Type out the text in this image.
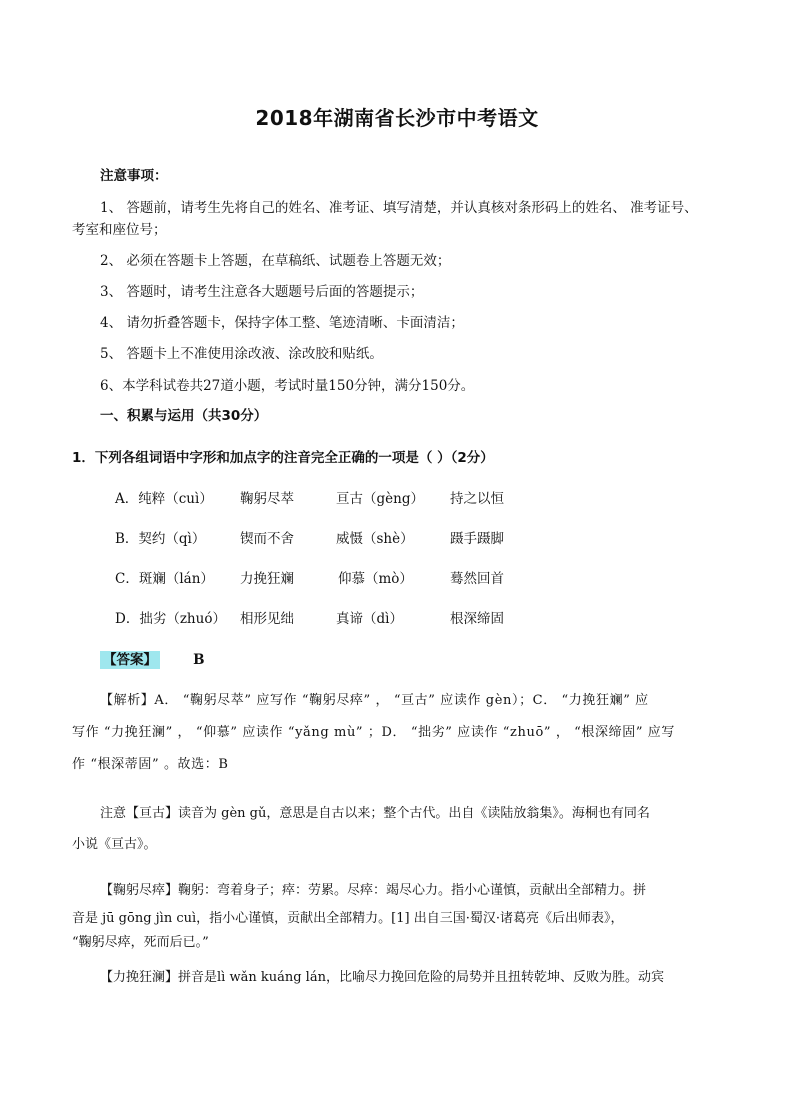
2018年湖南省长沙市中考语文
注意事项：
1、 答题前，请考生先将自己的姓名、准考证、填写清楚，并认真核对条形码上的姓名、 准考证号、
考室和座位号；
2、 必须在答题卡上答题，在草稿纸、试题卷上答题无效；
3、 答题时，请考生注意各大题题号后面的答题提示；
4、 请勿折叠答题卡，保持字体工整、笔迹清晰、卡面清洁；
5、 答题卡上不准使用涂改液、涂改胶和贴纸。
6、本学科试卷共27道小题，考试时量150分钟，满分150分。
一、积累与运用（共30分）
1．下列各组词语中字形和加点字的注音完全正确的一项是（ ）（2分）
A．纯粹（cuì） 鞠躬尽萃	亘古（gèng） 持之以恒
B．契约（qì）	锲而不舍	威慑（shè）	蹑手蹑脚
C．斑斓（lán） 力挽狂斓	仰慕（mò）	蓦然回首
D．拙劣（zhuó） 相形见绌	真谛（dì）	根深缔固
【答案】	B
【解析】A． “鞠躬尽萃” 应写作 “鞠躬尽瘁” ， “亘古” 应读作 gèn）；C． “力挽狂斓” 应
写作 “力挽狂澜” ， “仰慕” 应读作 “yǎng mù” ；D． “拙劣” 应读作 “zhuō” ， “根深缔固” 应写
作 “根深蒂固” 。故选：B
注意【亘古】读音为 gèn gǔ，意思是自古以来；整个古代。出自《读陆放翁集》。海桐也有同名
小说《亘古》。
【鞠躬尽瘁】鞠躬：弯着身子；瘁：劳累。尽瘁：竭尽心力。指小心谨慎，贡献出全部精力。拼
音是 jū gōng jìn cuì，指小心谨慎，贡献出全部精力。[1] 出自三国·蜀汉·诸葛亮《后出师表》，
“鞠躬尽瘁，死而后已。”
【力挽狂澜】拼音是lì wǎn kuáng lán，比喻尽力挽回危险的局势并且扭转乾坤、反败为胜。动宾
